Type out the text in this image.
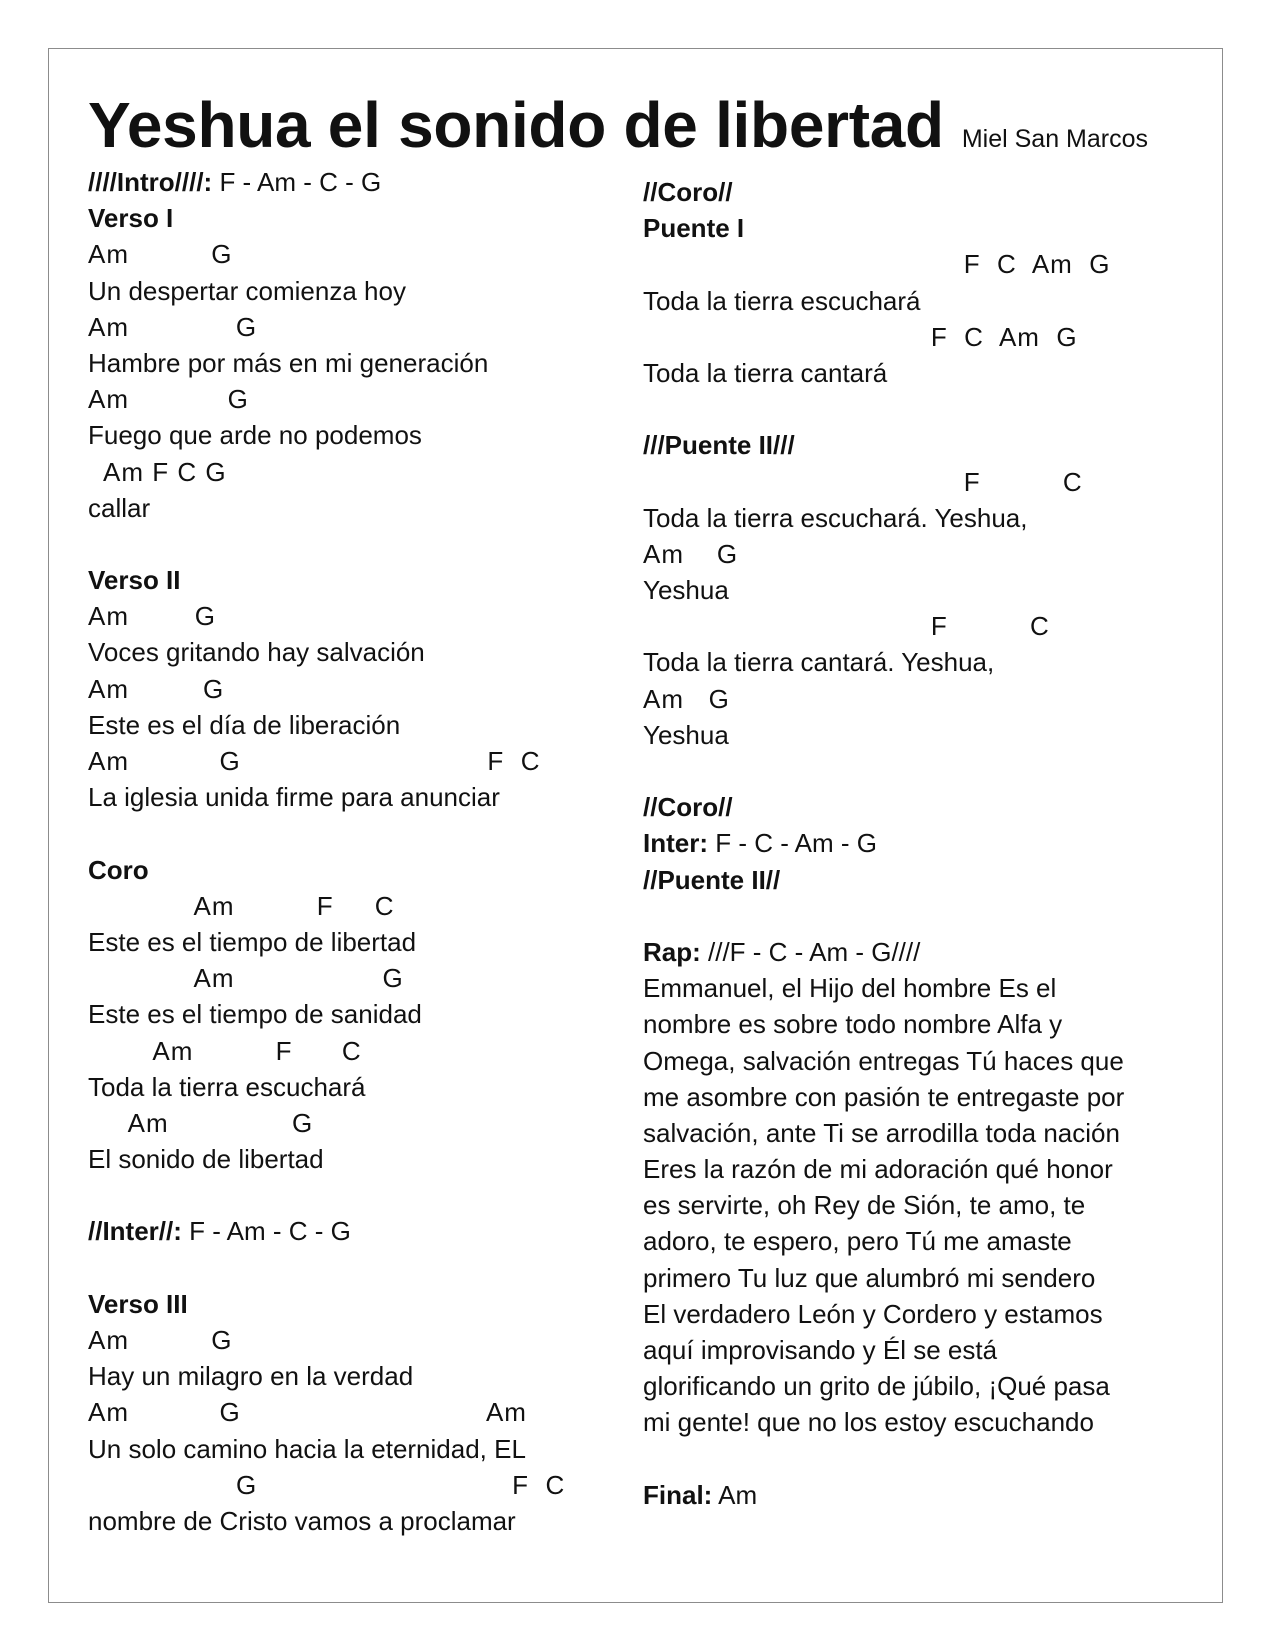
Yeshua el sonido de libertad Miel San Marcos
////Intro////: F - Am - C - G
Verso I
Am          G
Un despertar comienza hoy
Am             G
Hambre por más en mi generación
Am            G
Fuego que arde no podemos
Am F C G
callar
Verso II
Am        G
Voces gritando hay salvación
Am         G
Este es el día de liberación
Am           G                              F  C
La iglesia unida firme para anunciar
Coro
Am          F     C
Este es el tiempo de libertad
Am                  G
Este es el tiempo de sanidad
Am          F      C
Toda la tierra escuchará
Am               G
El sonido de libertad
//Inter//: F - Am - C - G
Verso III
Am          G
Hay un milagro en la verdad
Am           G                              Am
Un solo camino hacia la eternidad, EL
G                               F  C
nombre de Cristo vamos a proclamar
//Coro//
Puente I
F  C  Am  G
Toda la tierra escuchará
F  C  Am  G
Toda la tierra cantará
///Puente II///
F          C
Toda la tierra escuchará. Yeshua,
Am    G
Yeshua
F          C
Toda la tierra cantará. Yeshua,
Am   G
Yeshua
//Coro//
Inter: F - C - Am - G
//Puente II//
Rap: ///F - C - Am - G////
Emmanuel, el Hijo del hombre Es el
nombre es sobre todo nombre Alfa y
Omega, salvación entregas Tú haces que
me asombre con pasión te entregaste por
salvación, ante Ti se arrodilla toda nación
Eres la razón de mi adoración qué honor
es servirte, oh Rey de Sión, te amo, te
adoro, te espero, pero Tú me amaste
primero Tu luz que alumbró mi sendero
El verdadero León y Cordero y estamos
aquí improvisando y Él se está
glorificando un grito de júbilo, ¡Qué pasa
mi gente! que no los estoy escuchando
Final: Am
